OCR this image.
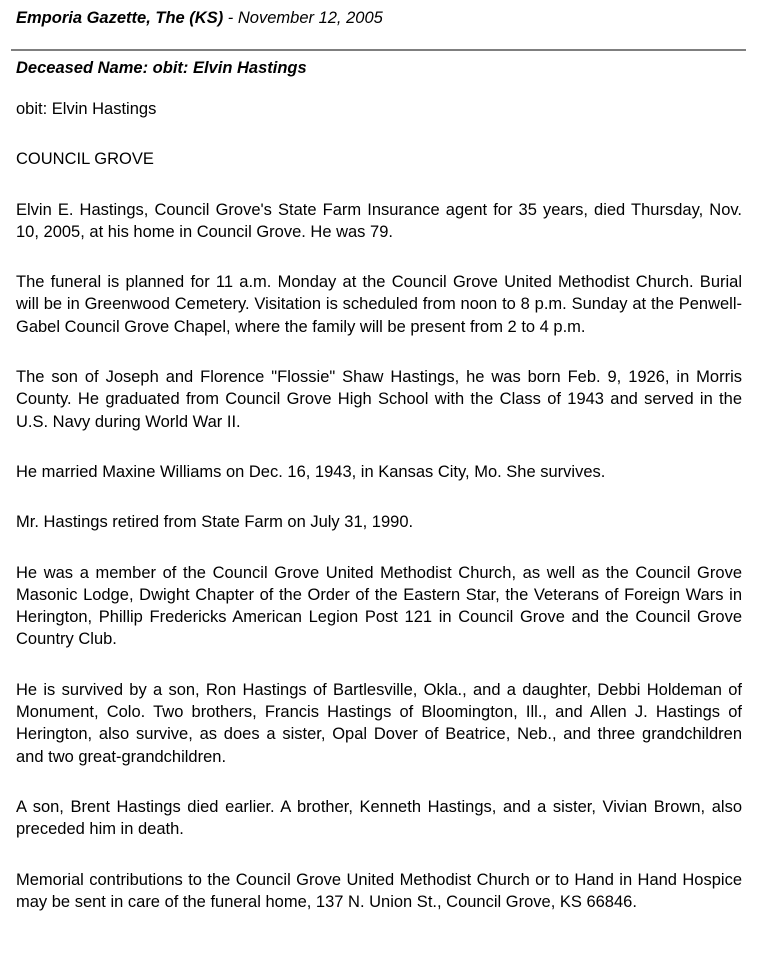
Emporia Gazette, The (KS) - November 12, 2005
Deceased Name: obit: Elvin Hastings

obit: Elvin Hastings

COUNCIL GROVE

Elvin E. Hastings, Council Grove's State Farm Insurance agent for 35 years, died Thursday, Nov. 10, 2005, at his home in Council Grove. He was 79.

The funeral is planned for 11 a.m. Monday at the Council Grove United Methodist Church. Burial will be in Greenwood Cemetery. Visitation is scheduled from noon to 8 p.m. Sunday at the Penwell-Gabel Council Grove Chapel, where the family will be present from 2 to 4 p.m.

The son of Joseph and Florence "Flossie" Shaw Hastings, he was born Feb. 9, 1926, in Morris County. He graduated from Council Grove High School with the Class of 1943 and served in the U.S. Navy during World War II.

He married Maxine Williams on Dec. 16, 1943, in Kansas City, Mo. She survives.

Mr. Hastings retired from State Farm on July 31, 1990.

He was a member of the Council Grove United Methodist Church, as well as the Council Grove Masonic Lodge, Dwight Chapter of the Order of the Eastern Star, the Veterans of Foreign Wars in Herington, Phillip Fredericks American Legion Post 121 in Council Grove and the Council Grove Country Club.

He is survived by a son, Ron Hastings of Bartlesville, Okla., and a daughter, Debbi Holdeman of Monument, Colo. Two brothers, Francis Hastings of Bloomington, Ill., and Allen J. Hastings of Herington, also survive, as does a sister, Opal Dover of Beatrice, Neb., and three grandchildren and two great-grandchildren.

A son, Brent Hastings died earlier. A brother, Kenneth Hastings, and a sister, Vivian Brown, also preceded him in death.

Memorial contributions to the Council Grove United Methodist Church or to Hand in Hand Hospice may be sent in care of the funeral home, 137 N. Union St., Council Grove, KS 66846.
